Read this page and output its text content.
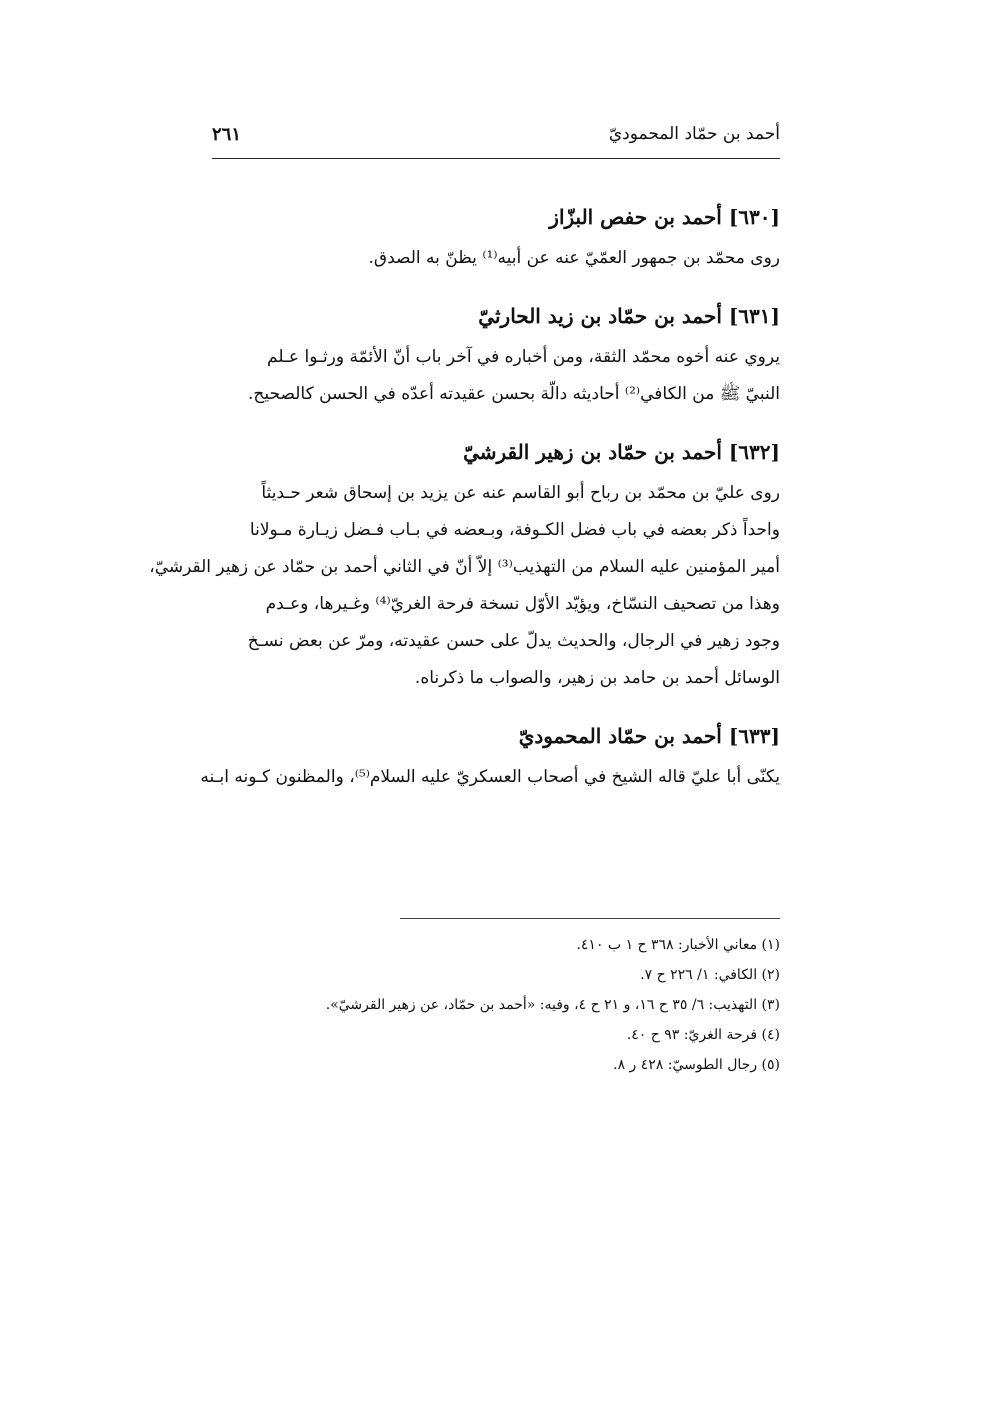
أحمد بن حمّاد المحموديّ
٢٦١
[٦٣٠] أحمد بن حفص البزّاز

روى محمّد بن جمهور العمّيّ عنه عن أبيه⁽¹⁾ يظنّ به الصدق.

[٦٣١] أحمد بن حمّاد بن زيد الحارثيّ

يروي عنه أخوه محمّد الثقة، ومن أخباره في آخر باب أنّ الأئمّة ورثـوا عـلم
النبيّ ﷺ من الكافي⁽²⁾ أحاديثه دالّة بحسن عقيدته أعدّه في الحسن كالصحيح.

[٦٣٢] أحمد بن حمّاد بن زهير القرشيّ

روى عليّ بن محمّد بن رباح أبو القاسم عنه عن يزيد بن إسحاق شعر حـديثاً
واحداً ذكر بعضه في باب فضل الكـوفة، وبـعضه في بـاب فـضل زيـارة مـولانا
أمير المؤمنين عليه السلام من التهذيب⁽³⁾ إلاّ أنّ في الثاني أحمد بن حمّاد عن زهير القرشيّ،
وهذا من تصحيف النسّاخ، ويؤيّد الأوّل نسخة فرحة الغريّ⁽⁴⁾ وغـيرها، وعـدم
وجود زهير في الرجال، والحديث يدلّ على حسن عقيدته، ومرّ عن بعض نسـخ
الوسائل أحمد بن حامد بن زهير، والصواب ما ذكرناه.

[٦٣٣] أحمد بن حمّاد المحموديّ

يكنّى أبا عليّ قاله الشيخ في أصحاب العسكريّ عليه السلام⁽⁵⁾، والمظنون كـونه ابـنه

(١) معاني الأخبار: ٣٦٨ ح ١ ب ٤١٠.
(٢) الكافي: ١/ ٢٢٦ ح ٧.
(٣) التهذيب: ٦/ ٣٥ ح ١٦، و ٢١ ح ٤، وفيه: «أحمد بن حمّاد، عن زهير القرشيّ».
(٤) فرحة الغريّ: ٩٣ ح ٤٠.
(٥) رجال الطوسيّ: ٤٢٨ ر ٨.
